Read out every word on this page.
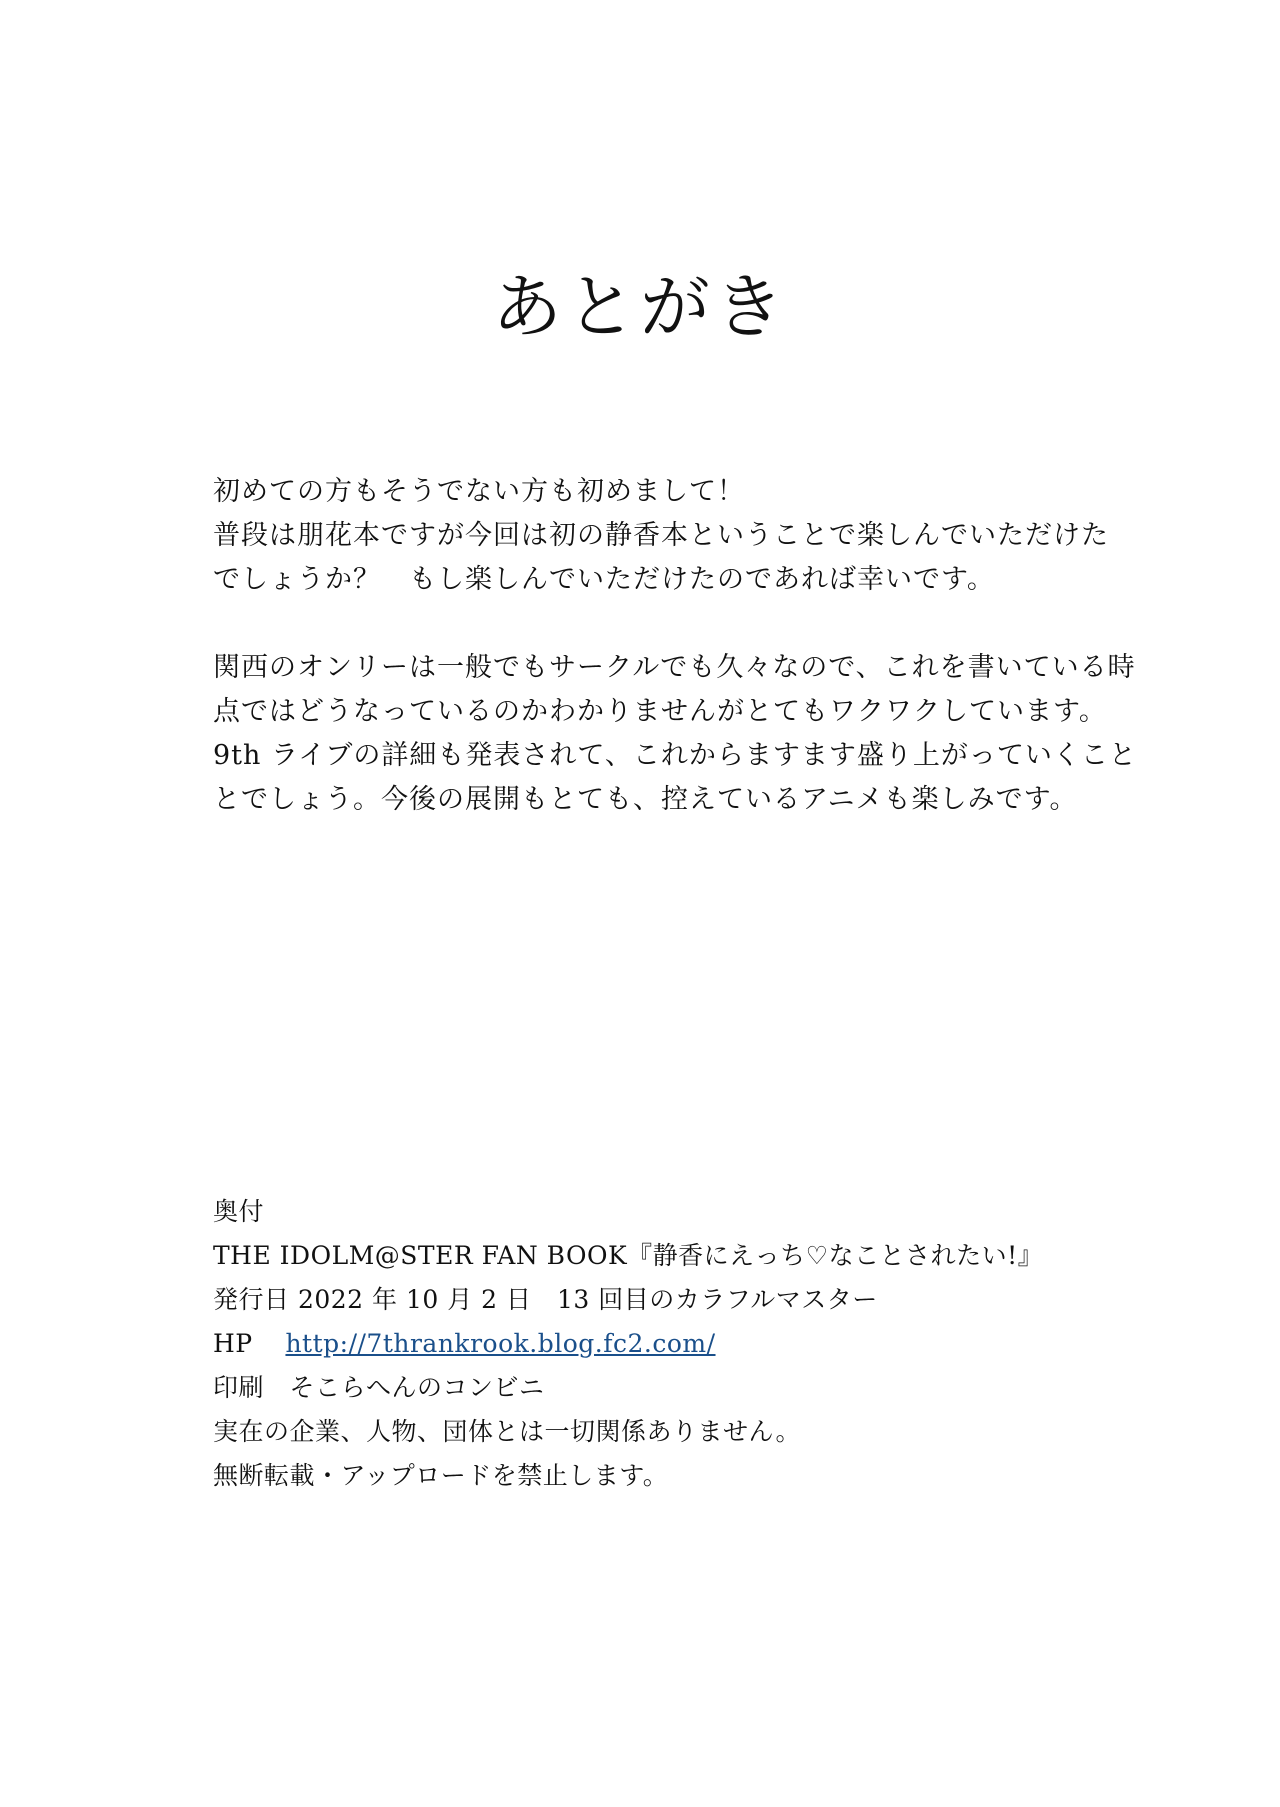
あとがき

初めての方もそうでない方も初めまして！

普段は朋花本ですが今回は初の静香本ということで楽しんでいただけた

でしょうか？　もし楽しんでいただけたのであれば幸いです。

関西のオンリーは一般でもサークルでも久々なので、これを書いている時

点ではどうなっているのかわかりませんがとてもワクワクしています。

9th ライブの詳細も発表されて、これからますます盛り上がっていくこと

とでしょう。今後の展開もとても、控えているアニメも楽しみです。

奥付

THE IDOLM@STER FAN BOOK『静香にえっち♡なことされたい!』

発行日 2022 年 10 月 2 日　13 回目のカラフルマスター

HP http://7thrankrook.blog.fc2.com/

印刷　そこらへんのコンビニ

実在の企業、人物、団体とは一切関係ありません。

無断転載・アップロードを禁止します。
